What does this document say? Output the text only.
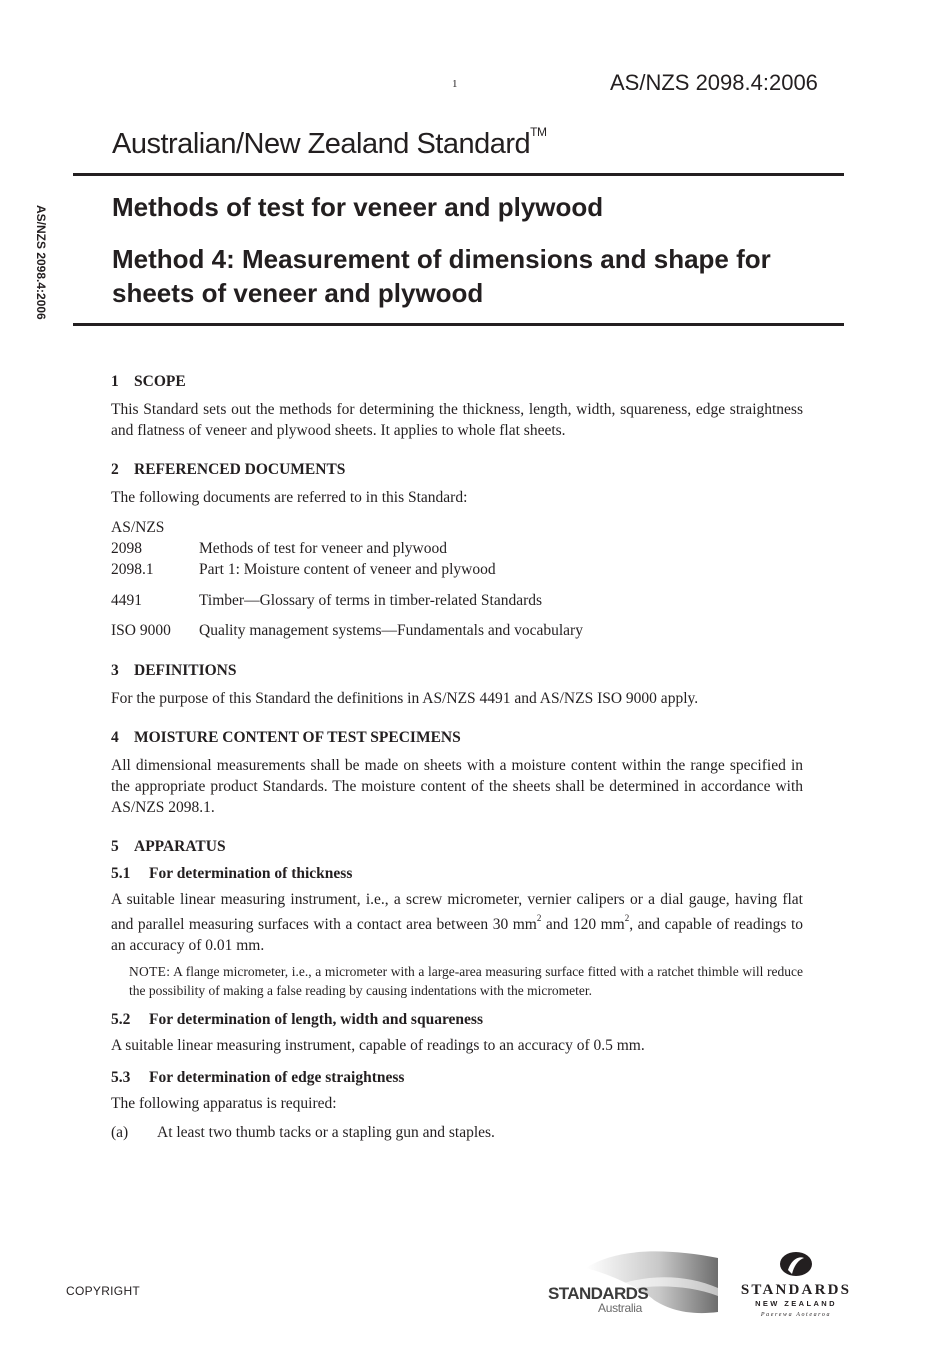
1	AS/NZS 2098.4:2006
Australian/New Zealand Standard™
AS/NZS 2098.4:2006 Methods of test for veneer and plywood
Method 4: Measurement of dimensions and shape for sheets of veneer and plywood
1 SCOPE

This Standard sets out the methods for determining the thickness, length, width, squareness, edge straightness and flatness of veneer and plywood sheets. It applies to whole flat sheets.

2 REFERENCED DOCUMENTS

The following documents are referred to in this Standard:

AS/NZS
2098	Methods of test for veneer and plywood
2098.1	Part 1: Moisture content of veneer and plywood
4491	Timber—Glossary of terms in timber-related Standards
ISO 9000	Quality management systems—Fundamentals and vocabulary
3 DEFINITIONS

For the purpose of this Standard the definitions in AS/NZS 4491 and AS/NZS ISO 9000 apply.

4 MOISTURE CONTENT OF TEST SPECIMENS

All dimensional measurements shall be made on sheets with a moisture content within the range specified in the appropriate product Standards. The moisture content of the sheets shall be determined in accordance with AS/NZS 2098.1.

5 APPARATUS
5.1 For determination of thickness

A suitable linear measuring instrument, i.e., a screw micrometer, vernier calipers or a dial gauge, having flat and parallel measuring surfaces with a contact area between 30 $mm^2$ and 120 $mm^2$, and capable of readings to an accuracy of 0.01 mm.

NOTE: A flange micrometer, i.e., a micrometer with a large-area measuring surface fitted with a ratchet thimble will reduce the possibility of making a false reading by causing indentations with the micrometer.

5.2 For determination of length, width and squareness

A suitable linear measuring instrument, capable of readings to an accuracy of 0.5 mm.

5.3 For determination of edge straightness

The following apparatus is required:

(a)	At least two thumb tacks or a stapling gun and staples.
COPYRIGHT	STANDARDS
Australia
STANDARDS
NEW ZEALAND
Paerewa Aotearoa
